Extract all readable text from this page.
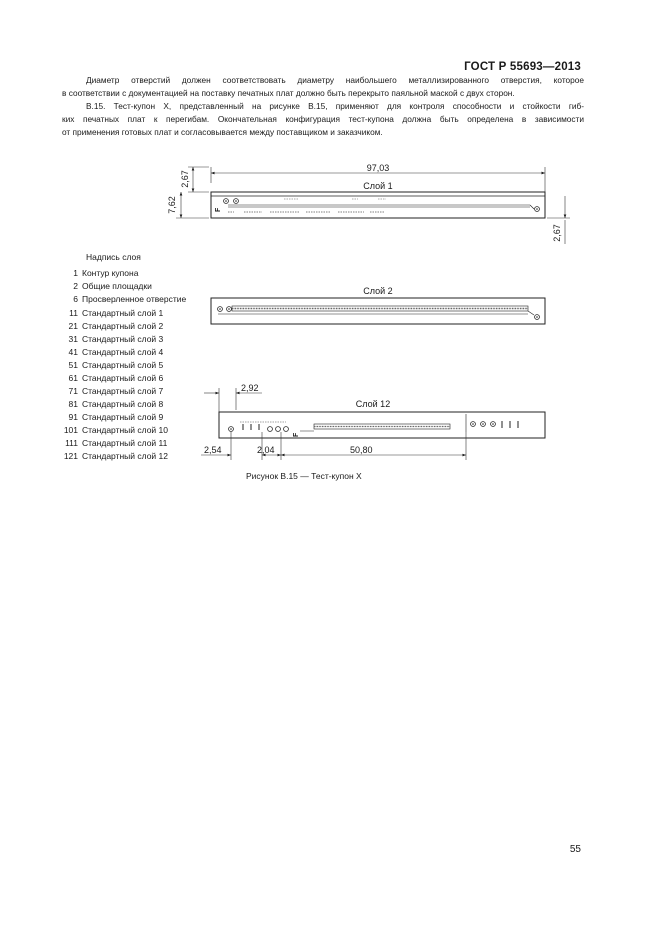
ГОСТ Р 55693—2013
Диаметр отверстий должен соответствовать диаметру наибольшего металлизированного отверстия, которое
в соответствии с документацией на поставку печатных плат должно быть перекрыто паяльной маской с двух сторон.
В.15. Тест-купон X, представленный на рисунке В.15, применяют для контроля способности и стойкости гиб-
ких печатных плат к перегибам. Окончательная конфигурация тест-купона должна быть определена в зависимости
от применения готовых плат и согласовывается между поставщиком и заказчиком.
97,03
Слой 1
F
2,67
7,62
2,67
Слой 2
2,92
Слой 12
F
2,54	2,04	50,80
Надпись слоя
1 Контур купона
2 Общие площадки
6 Просверленное отверстие
11 Стандартный слой 1
21 Стандартный слой 2
31 Стандартный слой 3
41 Стандартный слой 4
51 Стандартный слой 5
61 Стандартный слой 6
71 Стандартный слой 7
81 Стандартный слой 8
91 Стандартный слой 9
101 Стандартный слой 10
111 Стандартный слой 11
121 Стандартный слой 12
Рисунок В.15 — Тест-купон X
55
